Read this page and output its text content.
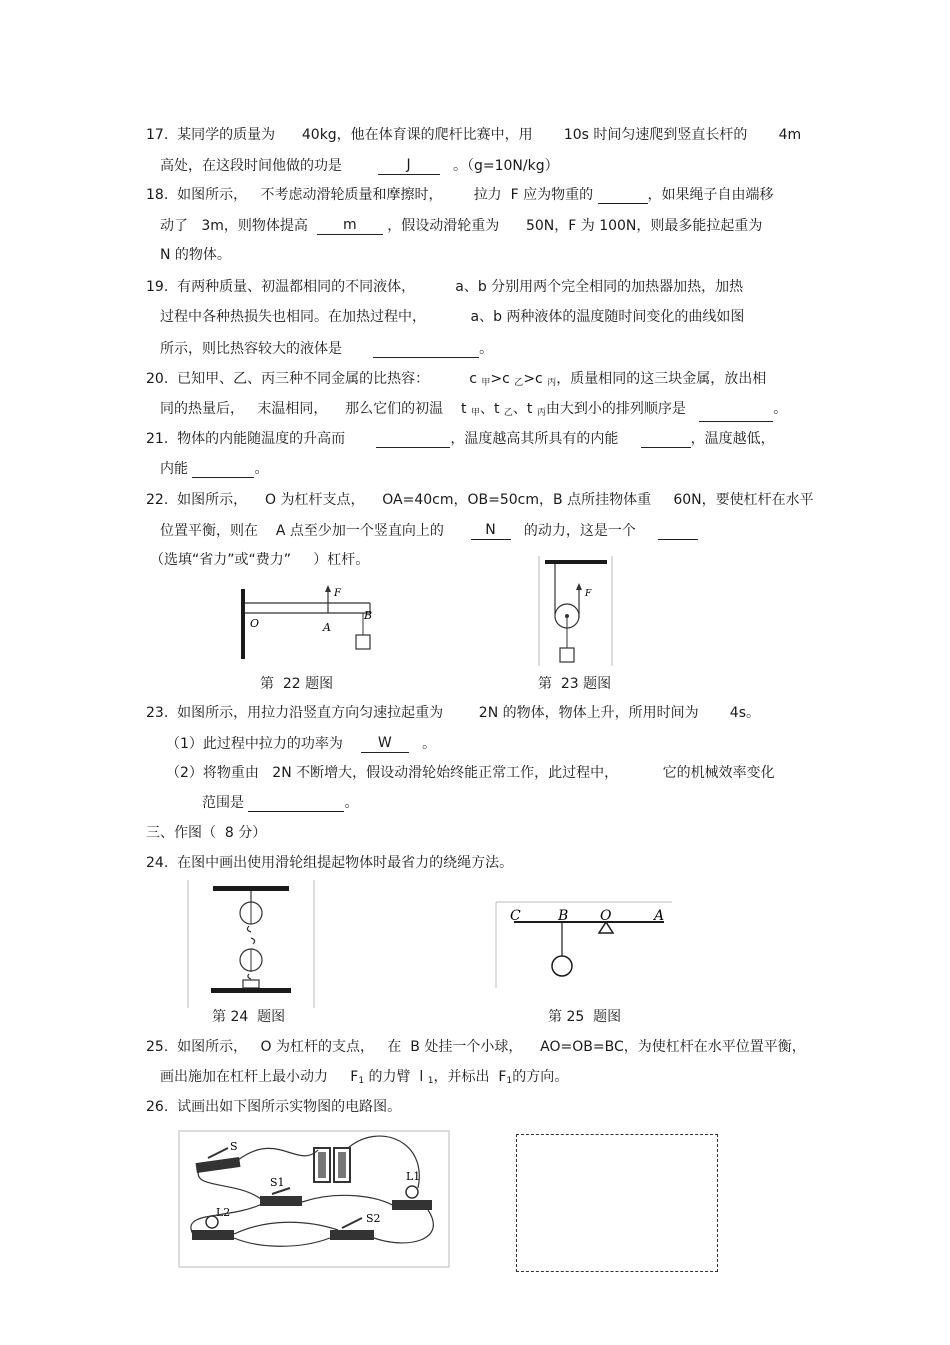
17. 某同学的质量为 40kg，他在体育课的爬杆比赛中，用 10s 时间匀速爬到竖直长杆的 4m
高处，在这段时间他做的功是	J	。（g=10N/kg）
18. 如图所示， 不考虑动滑轮质量和摩擦时， 拉力  F 应为物重的	，如果绳子自由端移
动了 3m，则物体提高	m ，假设动滑轮重为 50N，F 为 100N，则最多能拉起重为
N 的物体。
19. 有两种质量、初温都相同的不同液体，	a、b 分别用两个完全相同的加热器加热，加热
过程中各种热损失也相同。在加热过程中，	a、b 两种液体的温度随时间变化的曲线如图
所示，则比热容较大的液体是	。
20. 已知甲、乙、丙三种不同金属的比热容：	c $_甲$>c $_乙$>c $_丙$，质量相同的这三块金属，放出相
同的热量后， 末温相同， 那么它们的初温 t $_甲$、t $_乙$、t $_丙$由大到小的排列顺序是	。
21. 物体的内能随温度的升高而	，温度越高其所具有的内能	，温度越低，
内能	。
22. 如图所示， O 为杠杆支点， OA=40cm，OB=50cm，B 点所挂物体重 60N，要使杠杆在水平
位置平衡，则在 A 点至少加一个竖直向上的	N 的动力，这是一个
（选填“省力”或“费力” ）杠杆。
F
O	A
B
第  22 题图
F
第  23 题图
23. 如图所示，用拉力沿竖直方向匀速拉起重为	2N 的物体，物体上升，所用时间为 4s。
（1）此过程中拉力的功率为 W 。
（2）将物重由 2N 不断增大，假设动滑轮始终能正常工作，此过程中，	它的机械效率变化
范围是	。
三、作图（  8 分）
24. 在图中画出使用滑轮组提起物体时最省力的绕绳方法。
第 24  题图
C	B O	A
第 25  题图
25. 如图所示， O 为杠杆的支点， 在  B 处挂一个小球， AO=OB=BC，为使杠杆在水平位置平衡，
画出施加在杠杆上最小动力 $F_1$ 的力臂 l $_1$，并标出 $F_1$的方向。
26. 试画出如下图所示实物图的电路图。
S
S1	L1
L2	S2
